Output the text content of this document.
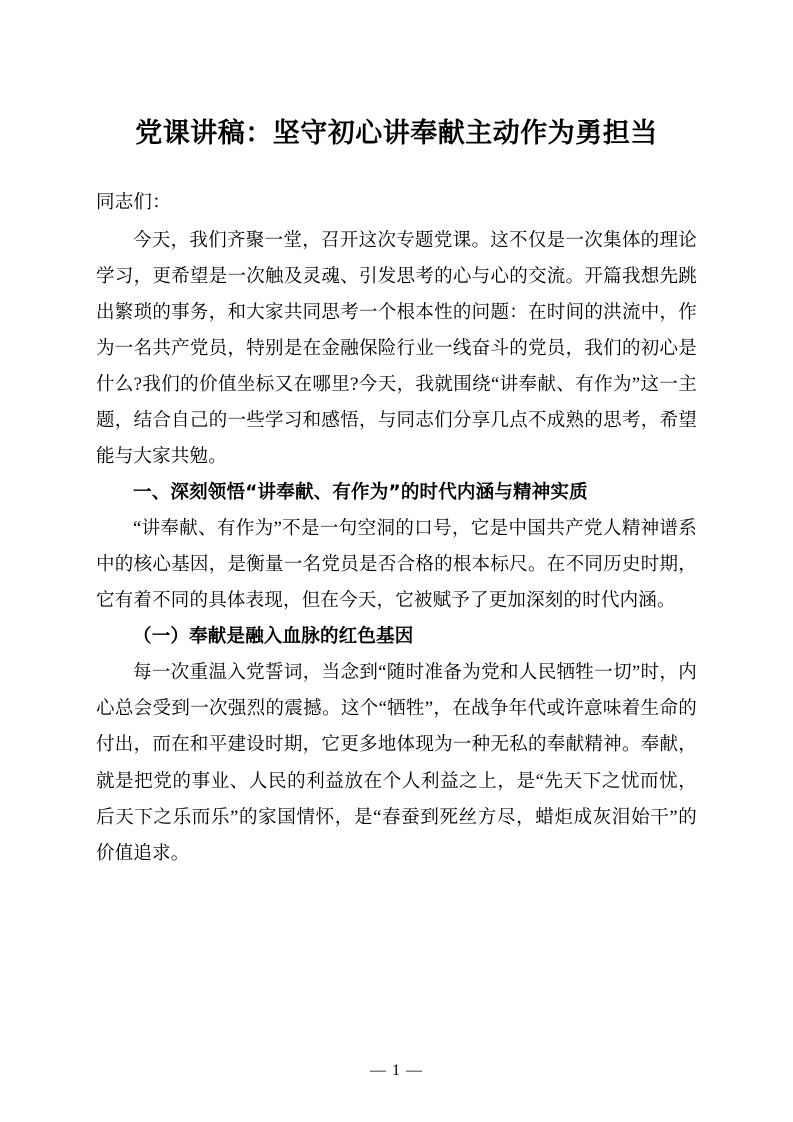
党课讲稿：坚守初心讲奉献主动作为勇担当

同志们：

今天，我们齐聚一堂，召开这次专题党课。这不仅是一次集体的理论学习，更希望是一次触及灵魂、引发思考的心与心的交流。开篇我想先跳出繁琐的事务，和大家共同思考一个根本性的问题：在时间的洪流中，作为一名共产党员，特别是在金融保险行业一线奋斗的党员，我们的初心是什么?我们的价值坐标又在哪里?今天，我就围绕“讲奉献、有作为”这一主题，结合自己的一些学习和感悟，与同志们分享几点不成熟的思考，希望能与大家共勉。

一、深刻领悟“讲奉献、有作为”的时代内涵与精神实质

“讲奉献、有作为”不是一句空洞的口号，它是中国共产党人精神谱系中的核心基因，是衡量一名党员是否合格的根本标尺。在不同历史时期，它有着不同的具体表现，但在今天，它被赋予了更加深刻的时代内涵。

（一）奉献是融入血脉的红色基因

每一次重温入党誓词，当念到“随时准备为党和人民牺牲一切”时，内心总会受到一次强烈的震撼。这个“牺牲”，在战争年代或许意味着生命的付出，而在和平建设时期，它更多地体现为一种无私的奉献精神。奉献，就是把党的事业、人民的利益放在个人利益之上，是“先天下之忧而忧，后天下之乐而乐”的家国情怀，是“春蚕到死丝方尽，蜡炬成灰泪始干”的价值追求。

— 1 —
